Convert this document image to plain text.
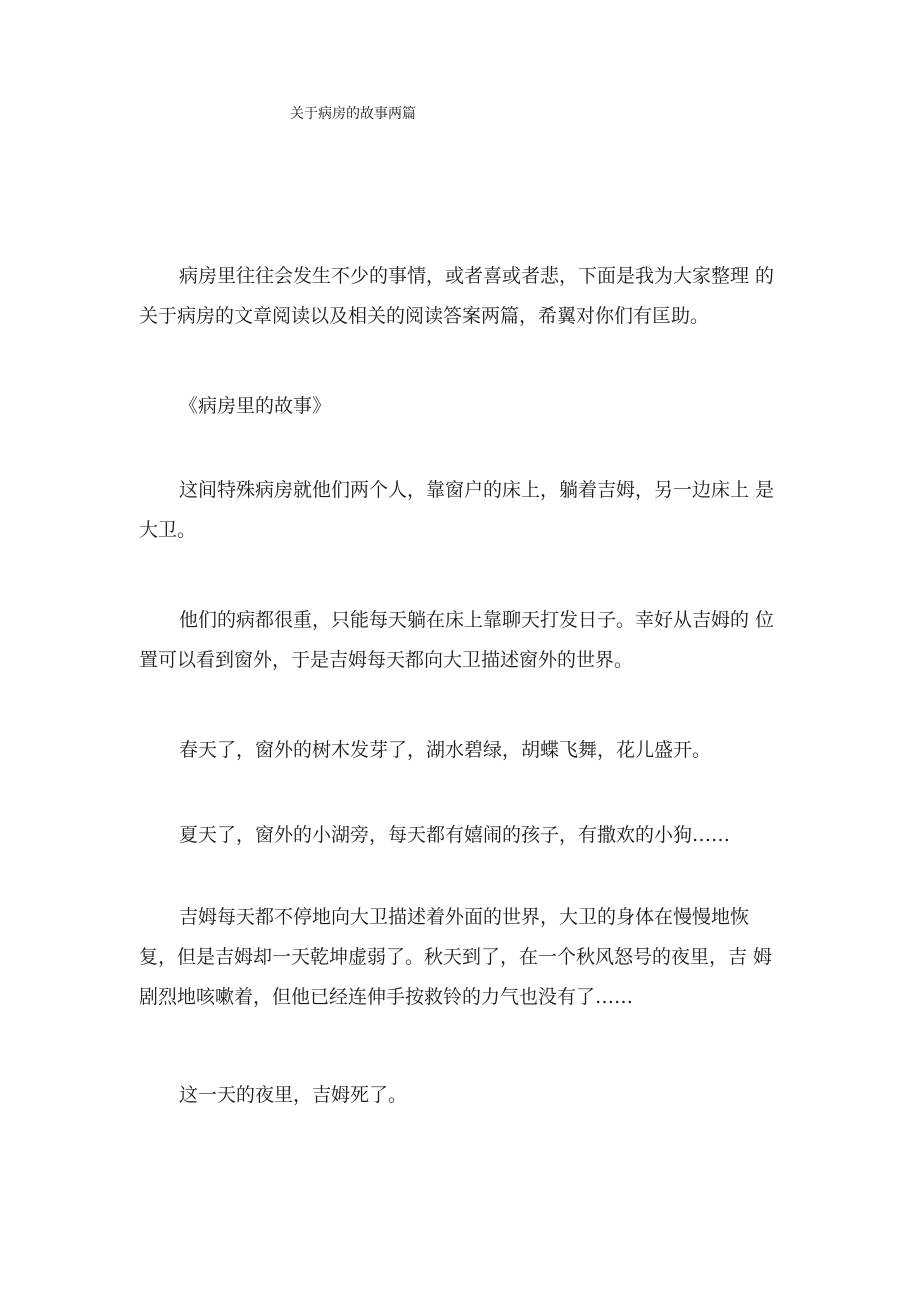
关于病房的故事两篇

病房里往往会发生不少的事情，或者喜或者悲，下面是我为大家整理 的关于病房的文章阅读以及相关的阅读答案两篇，希翼对你们有匡助。

《病房里的故事》

这间特殊病房就他们两个人，靠窗户的床上，躺着吉姆，另一边床上 是大卫。

他们的病都很重，只能每天躺在床上靠聊天打发日子。幸好从吉姆的 位置可以看到窗外，于是吉姆每天都向大卫描述窗外的世界。

春天了，窗外的树木发芽了，湖水碧绿，胡蝶飞舞，花儿盛开。

夏天了，窗外的小湖旁，每天都有嬉闹的孩子，有撒欢的小狗……

吉姆每天都不停地向大卫描述着外面的世界，大卫的身体在慢慢地恢 复，但是吉姆却一天乾坤虚弱了。秋天到了，在一个秋风怒号的夜里，吉 姆剧烈地咳嗽着，但他已经连伸手按救铃的力气也没有了……

这一天的夜里，吉姆死了。
